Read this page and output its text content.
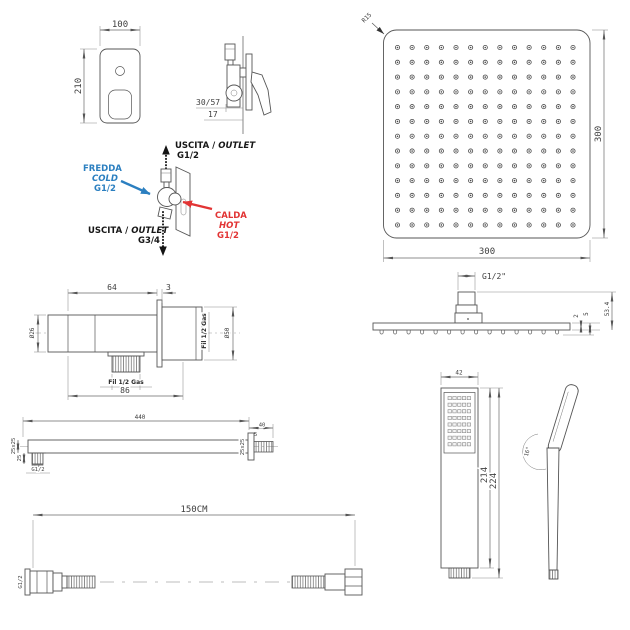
100
210
30/57
17
USCITA / OUTLET
G1/2
FREDDA
COLD
G1/2
CALDA
HOT
G1/2
USCITA / OUTLET
G3/4
64	3
Ø26	Ø50
Fil 1/2 Gas
Fil 1/2 Gas
86
R15
300
300
G1/2"
2
5 53.4
440
40
5
G1/2
25
25x25	25x25
150CM
G1/2
42
214 224
16°
